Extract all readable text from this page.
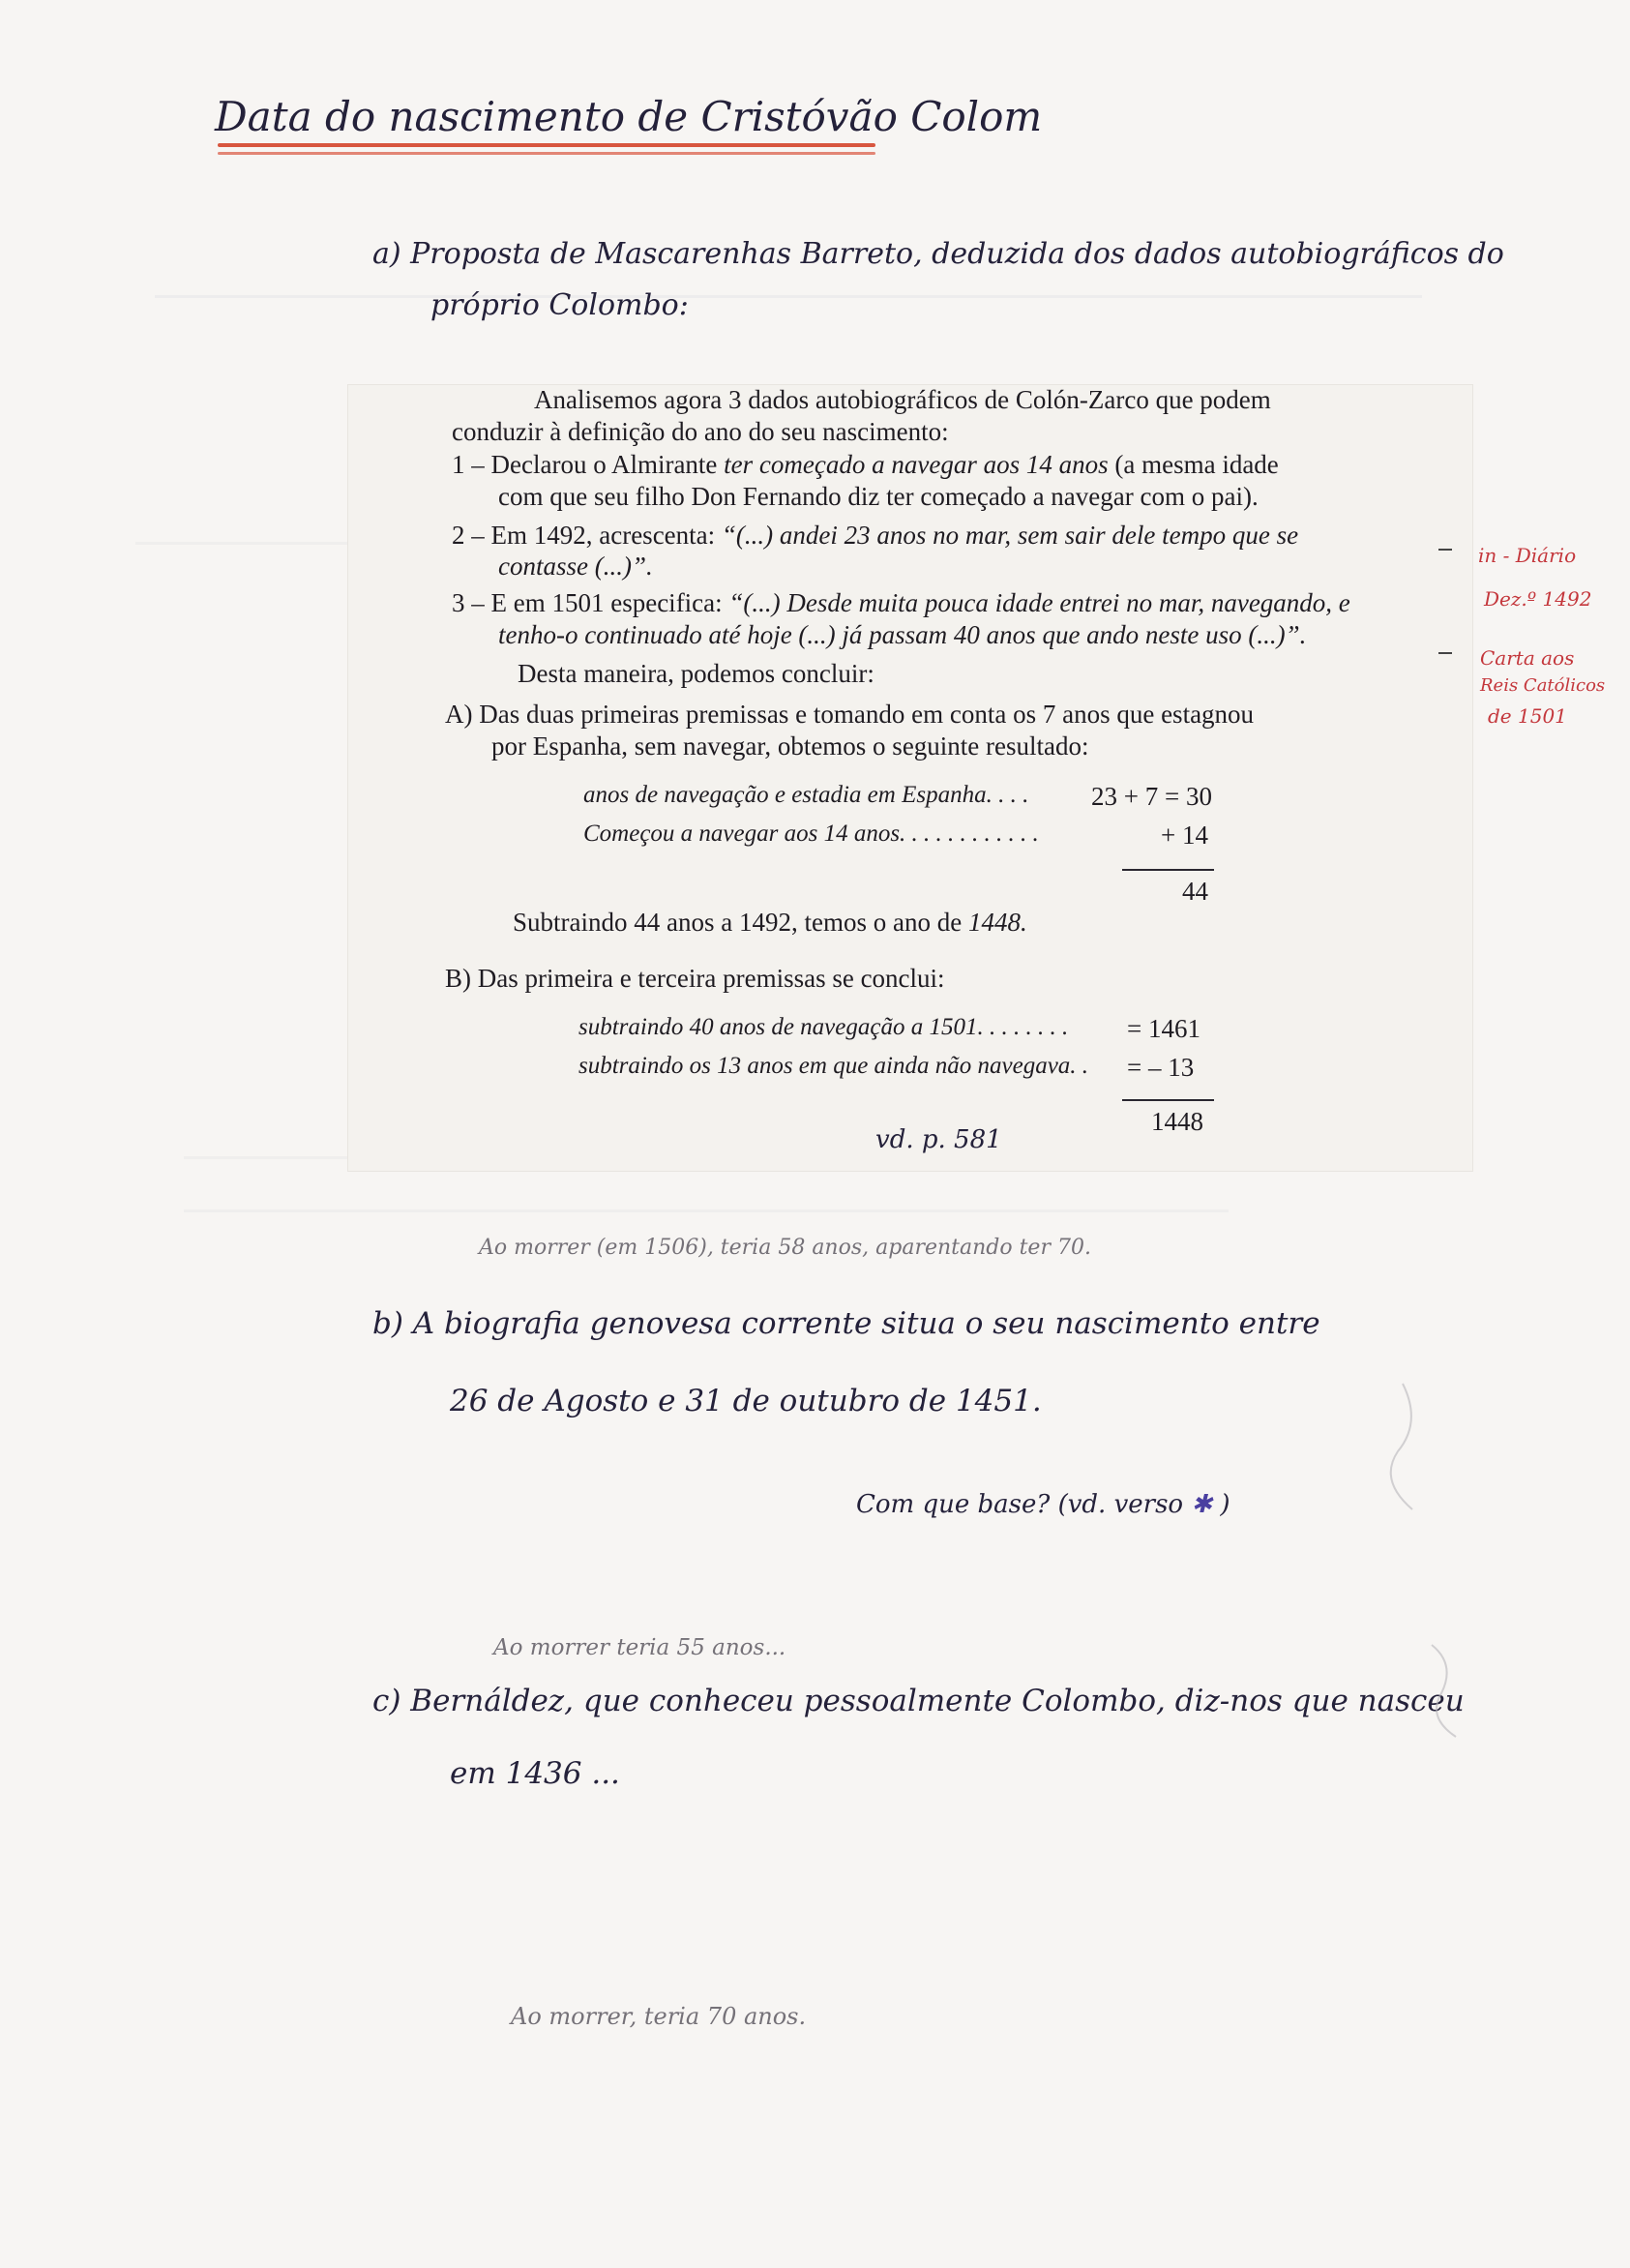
Data do nascimento de Cristóvão Colom
a) Proposta de Mascarenhas Barreto, deduzida dos dados autobiográficos do
próprio Colombo:
Analisemos agora 3 dados autobiográficos de Colón-Zarco que podem
conduzir à definição do ano do seu nascimento:
1 – Declarou o Almirante ter começado a navegar aos 14 anos (a mesma idade
com que seu filho Don Fernando diz ter começado a navegar com o pai).
2 – Em 1492, acrescenta: “(...) andei 23 anos no mar, sem sair dele tempo que se
contasse (...)”.
3 – E em 1501 especifica: “(...) Desde muita pouca idade entrei no mar, navegando, e
tenho-o continuado até hoje (...) já passam 40 anos que ando neste uso (...)”.
Desta maneira, podemos concluir:
A) Das duas primeiras premissas e tomando em conta os 7 anos que estagnou
por Espanha, sem navegar, obtemos o seguinte resultado:
anos de navegação e estadia em Espanha. . . . 23 + 7 = 30
Começou a navegar aos 14 anos. . . . . . . . . . . .	+ 14
44
Subtraindo 44 anos a 1492, temos o ano de 1448.
B) Das primeira e terceira premissas se conclui:
subtraindo 40 anos de navegação a 1501. . . . . . . . = 1461
subtraindo os 13 anos em que ainda não navegava. . = – 13
1448
vd. p. 581
in - Diário
Dez.º 1492
Carta aos
Reis Católicos
de 1501
Ao morrer (em 1506), teria 58 anos, aparentando ter 70.
b) A biografia genovesa corrente situa o seu nascimento entre
26 de Agosto e 31 de outubro de 1451.
Com que base? (vd. verso ✱ )
Ao morrer teria 55 anos...
c) Bernáldez, que conheceu pessoalmente Colombo, diz-nos que nasceu
em 1436 ...
Ao morrer, teria 70 anos.
